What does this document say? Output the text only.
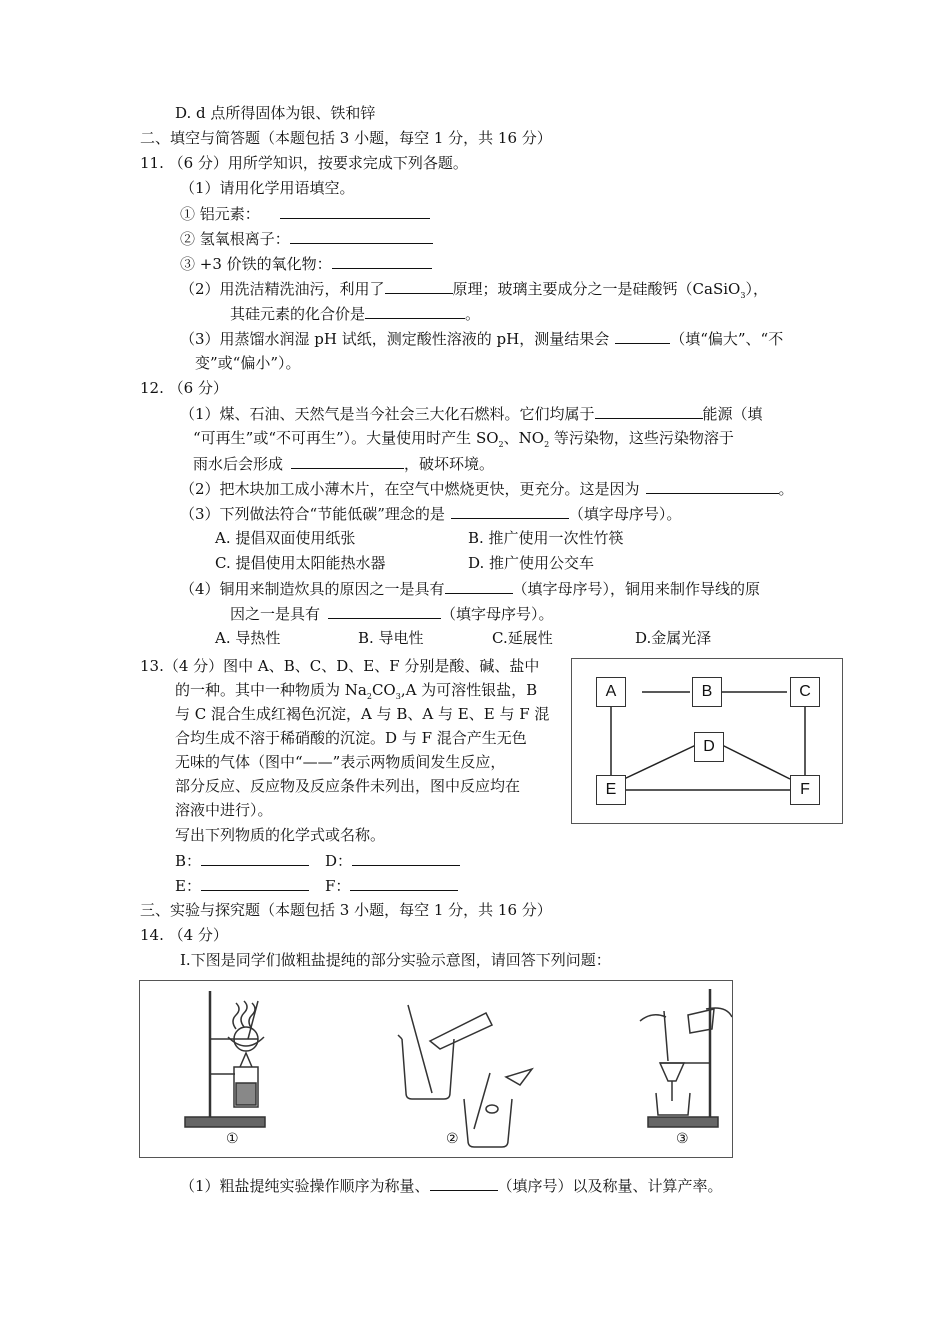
D. d 点所得固体为银、铁和锌
二、填空与简答题（本题包括 3 小题，每空 1 分，共 16 分）
11. （6 分）用所学知识，按要求完成下列各题。
（1）请用化学用语填空。
① 铝元素：
② 氢氧根离子：
③ +3 价铁的氧化物：
（2）用洗洁精洗油污，利用了	原理；玻璃主要成分之一是硅酸钙（CaSiO$_3$），
其硅元素的化合价是	。
（3）用蒸馏水润湿 pH 试纸，测定酸性溶液的 pH，测量结果会	（填“偏大”、“不
变”或“偏小”）。
12. （6 分）
（1）煤、石油、天然气是当今社会三大化石燃料。它们均属于	能源（填
“可再生”或“不可再生”）。大量使用时产生 $SO_2$、$NO_2$ 等污染物，这些污染物溶于
雨水后会形成	，破坏环境。
（2）把木块加工成小薄木片，在空气中燃烧更快，更充分。这是因为	。
（3）下列做法符合“节能低碳”理念的是	（填字母序号）。
A. 提倡双面使用纸张	B. 推广使用一次性竹筷
C. 提倡使用太阳能热水器	D. 推广使用公交车
（4）铜用来制造炊具的原因之一是具有	（填字母序号），铜用来制作导线的原
因之一是具有	（填字母序号）。
A. 导热性	B. 导电性	C.延展性	D.金属光泽
13.（4 分）图中 A、B、C、D、E、F 分别是酸、碱、盐中
的一种。其中一种物质为 $Na_2CO_3,A$ 为可溶性银盐，B
与 C 混合生成红褐色沉淀，A 与 B、A 与 E、E 与 F 混
合均生成不溶于稀硝酸的沉淀。D 与 F 混合产生无色
无味的气体（图中“——”表示两物质间发生反应，
部分反应、反应物及反应条件未列出，图中反应均在
溶液中进行）。
写出下列物质的化学式或名称。
B：	D：
E：	F：
A	B	C
D
E	F
三、实验与探究题（本题包括 3 小题，每空 1 分，共 16 分）
14. （4 分）
Ⅰ.下图是同学们做粗盐提纯的部分实验示意图，请回答下列问题：
①	②	③
（1）粗盐提纯实验操作顺序为称量、	（填序号）以及称量、计算产率。
